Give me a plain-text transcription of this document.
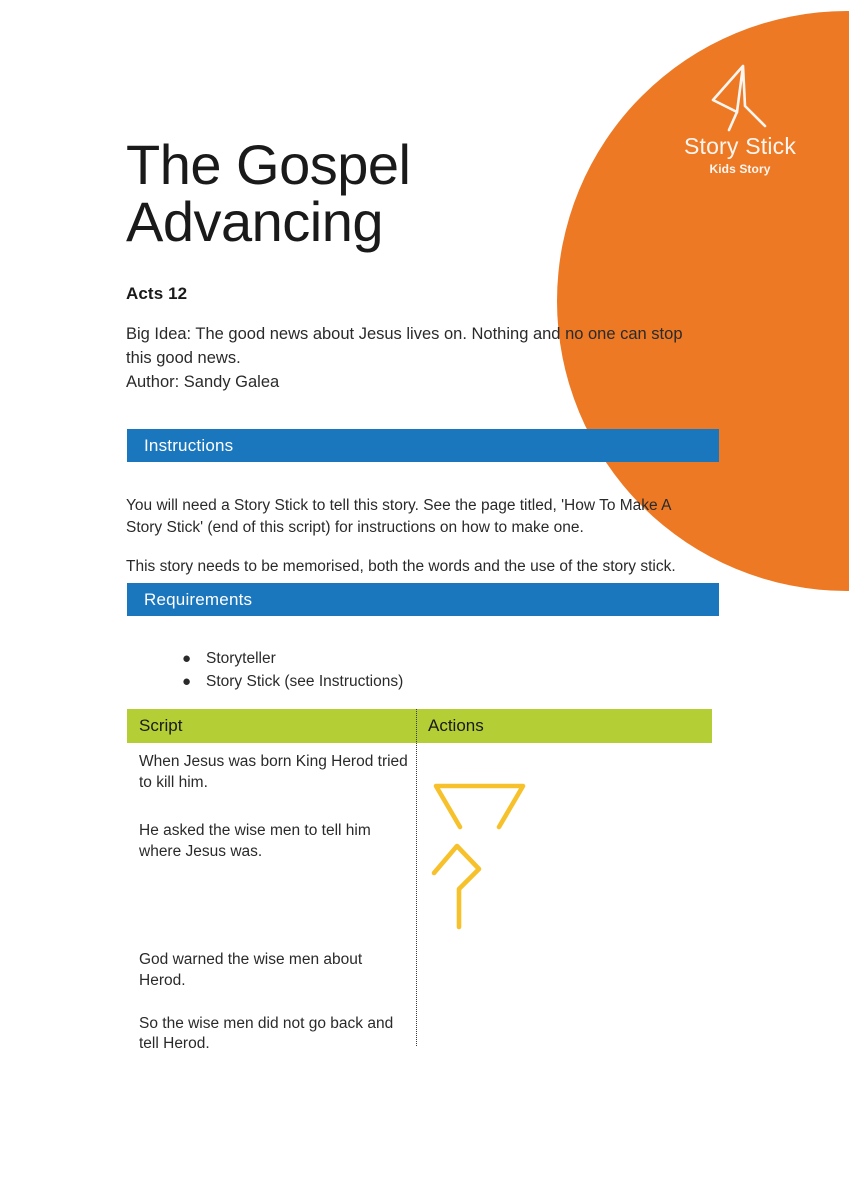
Story Stick
Kids Story
The Gospel
Advancing
Acts 12

Big Idea: The good news about Jesus lives on. Nothing and no one can stop this good news.

Author: Sandy Galea

Instructions

You will need a Story Stick to tell this story. See the page titled, 'How To Make A Story Stick' (end of this script) for instructions on how to make one.

This story needs to be memorised, both the words and the use of the story stick.

Requirements
● Storyteller
● Story Stick (see Instructions)
Script	Actions

When Jesus was born King Herod tried to kill him.

He asked the wise men to tell him where Jesus was.

God warned the wise men about Herod.

So the wise men did not go back and tell Herod.
